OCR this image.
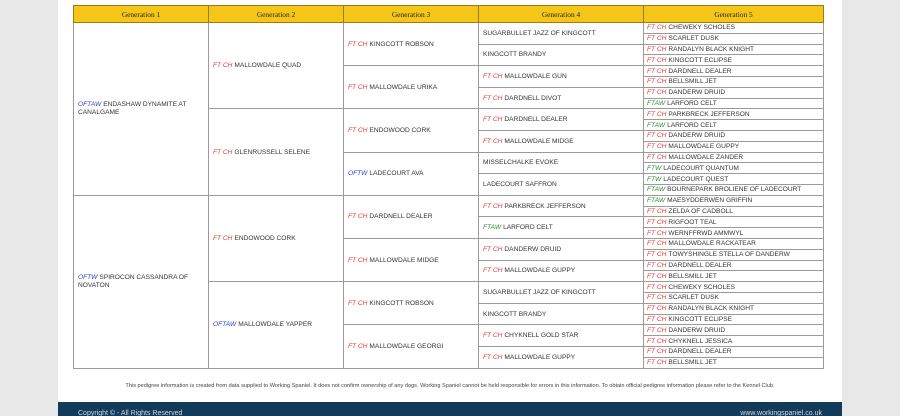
Generation 1	Generation 2	Generation 3	Generation 4	Generation 5
OFTAW ENDASHAW DYNAMITE AT CANALGAME	FT CH MALLOWDALE QUAD	FT CH KINGCOTT ROBSON	SUGARBULLET JAZZ OF KINGCOTT	FT CH CHEWEKY SCHOLES
				FT CH SCARLET DUSK
			KINGCOTT BRANDY	FT CH RANDALYN BLACK KNIGHT
				FT CH KINGCOTT ECLIPSE
		FT CH MALLOWDALE URIKA	FT CH MALLOWDALE GUN	FT CH DARDNELL DEALER
				FT CH BELLSMILL JET
			FT CH DARDNELL DIVOT	FT CH DANDERW DRUID
				FTAW LARFORD CELT
	FT CH GLENRUSSELL SELENE	FT CH ENDOWOOD CORK	FT CH DARDNELL DEALER	FT CH PARKBRECK JEFFERSON
				FTAW LARFORD CELT
			FT CH MALLOWDALE MIDGE	FT CH DANDERW DRUID
				FT CH MALLOWDALE GUPPY
		OFTW LADECOURT AVA	MISSELCHALKE EVOKE	FT CH MALLOWDALE ZANDER
				FTW LADECOURT QUANTUM
			LADECOURT SAFFRON	FTW LADECOURT QUEST
				FTAW BOURNEPARK BROLIENE OF LADECOURT
OFTW SPIROCON CASSANDRA OF NOVATON	FT CH ENDOWOOD CORK	FT CH DARDNELL DEALER	FT CH PARKBRECK JEFFERSON	FTAW MAESYDDERWEN GRIFFIN
				FT CH ZELDA OF CADBOLL
			FTAW LARFORD CELT	FT CH RIGFOOT TEAL
				FT CH WERNFFRWD AMMWYL
		FT CH MALLOWDALE MIDGE	FT CH DANDERW DRUID	FT CH MALLOWDALE RACKATEAR
				FT CH TOWYSHINGLE STELLA OF DANDERW
			FT CH MALLOWDALE GUPPY	FT CH DARDNELL DEALER
				FT CH BELLSMILL JET
	OFTAW MALLOWDALE YAPPER	FT CH KINGCOTT ROBSON	SUGARBULLET JAZZ OF KINGCOTT	FT CH CHEWEKY SCHOLES
				FT CH SCARLET DUSK
			KINGCOTT BRANDY	FT CH RANDALYN BLACK KNIGHT
				FT CH KINGCOTT ECLIPSE
		FT CH MALLOWDALE GEORGI	FT CH CHYKNELL GOLD STAR	FT CH DANDERW DRUID
				FT CH CHYKNELL JESSICA
			FT CH MALLOWDALE GUPPY	FT CH DARDNELL DEALER
				FT CH BELLSMILL JET
This pedigree information is created from data supplied to Working Spaniel. It does not confirm ownership of any dogs. Working Spaniel cannot be held responsible for errors in this information. To obtain official pedigree information please refer to the Kennel Club.
Copyright © - All Rights Reserved	www.workingspaniel.co.uk
